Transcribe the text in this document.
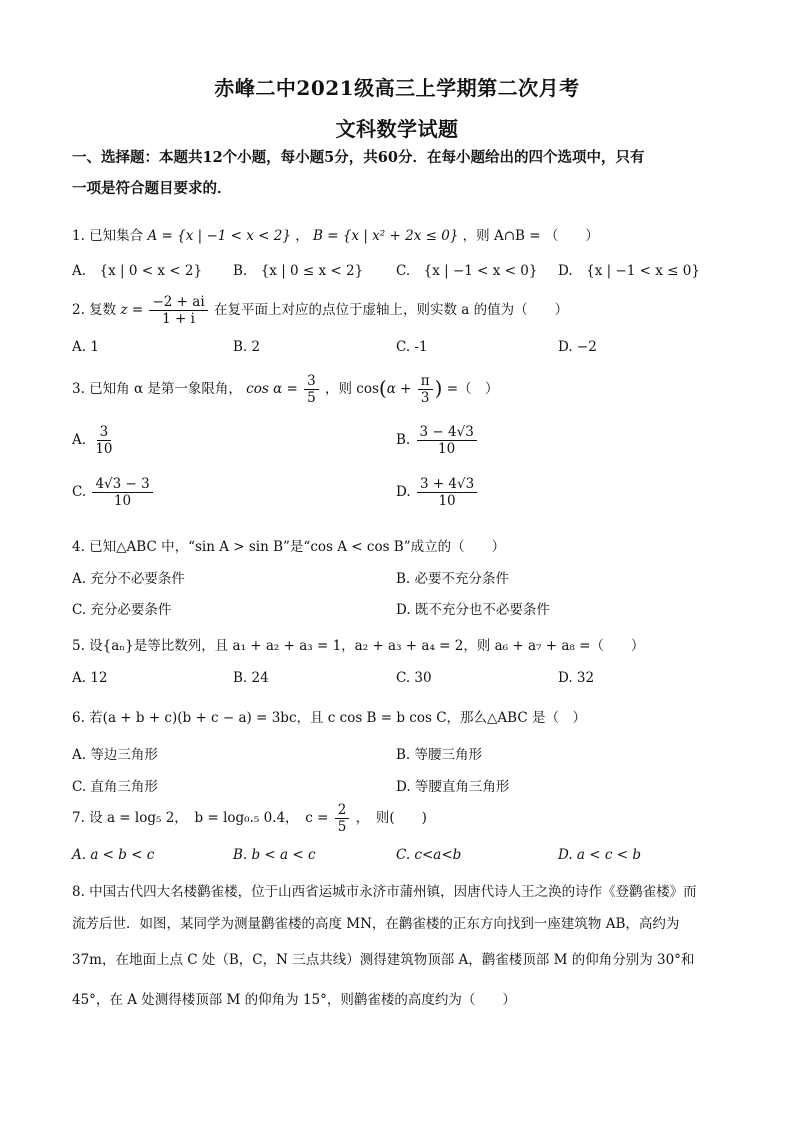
赤峰二中2021级高三上学期第二次月考
文科数学试题
一、选择题：本题共12个小题，每小题5分，共60分．在每小题给出的四个选项中，只有
一项是符合题目要求的．
1. 已知集合 A = {x | −1 < x < 2} ， B = {x | x² + 2x ≤ 0} ，则 A∩B = （　　）
A.　{x | 0 < x < 2} B.　{x | 0 ≤ x < 2} C.　{x | −1 < x < 0} D.　{x | −1 < x ≤ 0}
2. 复数 $z = \frac{-2 + ai}{1 + i}$ 在复平面上对应的点位于虚轴上，则实数 a 的值为（　　）
A. 1	B. 2	C. -1	D. −2
3. 已知角 α 是第一象限角， $\cos \alpha = \frac{3}{5}$ ，则 $\cos(\alpha + \frac{\pi}{3}$ ) =（　）
A. $\frac{3}{10}$	B. $\frac{3 - 4√3}{10}$
C. $\frac{4√3 - 3}{10}$	D. $\frac{3 + 4√3}{10}$
4. 已知△ABC 中，“sin A > sin B”是“cos A < cos B”成立的（　　）
A. 充分不必要条件	B. 必要不充分条件
C. 充分必要条件	D. 既不充分也不必要条件
5. 设{aₙ}是等比数列，且 a₁ + a₂ + a₃ = 1，a₂ + a₃ + a₄ = 2，则 a₆ + a₇ + a₈ =（　　）
A. 12	B. 24	C. 30	D. 32
6. 若(a + b + c)(b + c − a) = 3bc，且 c cos B = b cos C，那么△ABC 是（　）
A. 等边三角形	B. 等腰三角形
C. 直角三角形	D. 等腰直角三角形
7. 设 a = log₅ 2，　b = log₀.₅ 0.4，　$c = \frac{2}{5}$ ，　则(　　)
A. a < b < c	B. b < a < c	C. c<a<b	D. a < c < b
8. 中国古代四大名楼鹳雀楼，位于山西省运城市永济市蒲州镇，因唐代诗人王之涣的诗作《登鹳雀楼》而
流芳后世．如图，某同学为测量鹳雀楼的高度 MN，在鹳雀楼的正东方向找到一座建筑物 AB，高约为
37m，在地面上点 C 处（B，C，N 三点共线）测得建筑物顶部 A，鹳雀楼顶部 M 的仰角分别为 30°和
45°，在 A 处测得楼顶部 M 的仰角为 15°，则鹳雀楼的高度约为（　　）
